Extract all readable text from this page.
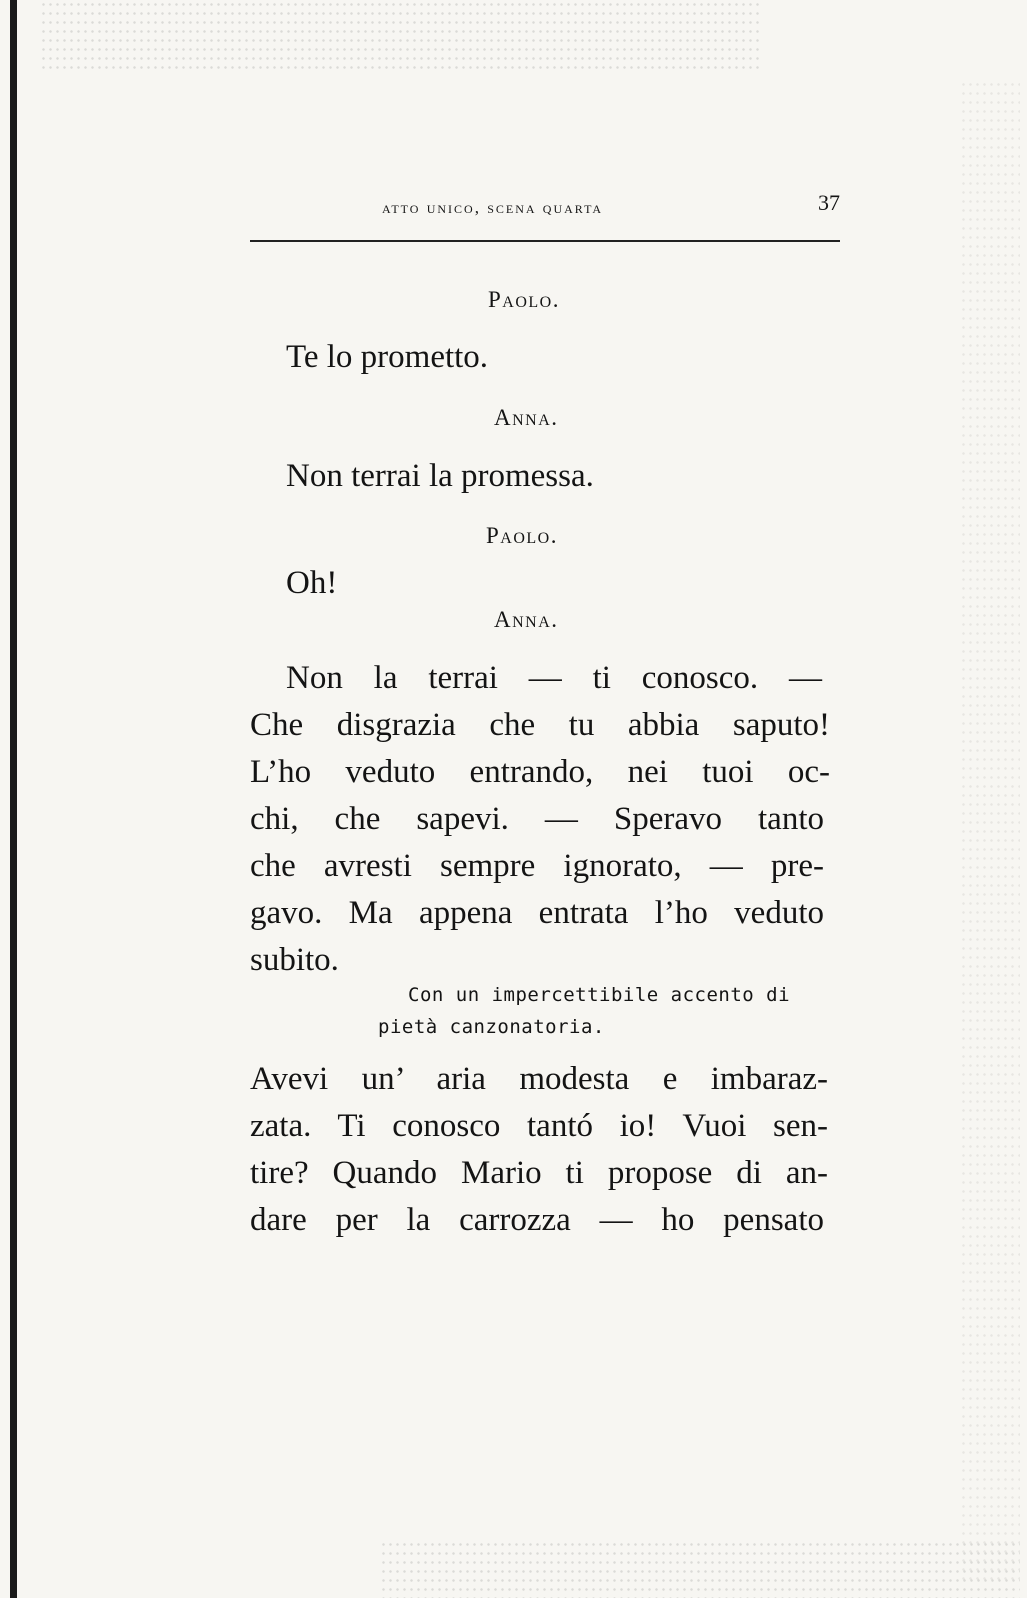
atto unico, scena quarta	37
Paolo.
Te lo prometto.
Anna.
Non terrai la promessa.
Paolo.
Oh!
Anna.
Non la terrai — ti conosco. —
Che disgrazia che tu abbia saputo!
L’ho veduto entrando, nei tuoi oc-
chi, che sapevi. — Speravo tanto
che avresti sempre ignorato, — pre-
gavo. Ma appena entrata l’ho veduto
subito.
Con un impercettibile accento di
pietà canzonatoria.
Avevi un’ aria modesta e imbaraz-
zata. Ti conosco tantó io! Vuoi sen-
tire? Quando Mario ti propose di an-
dare per la carrozza — ho pensato
